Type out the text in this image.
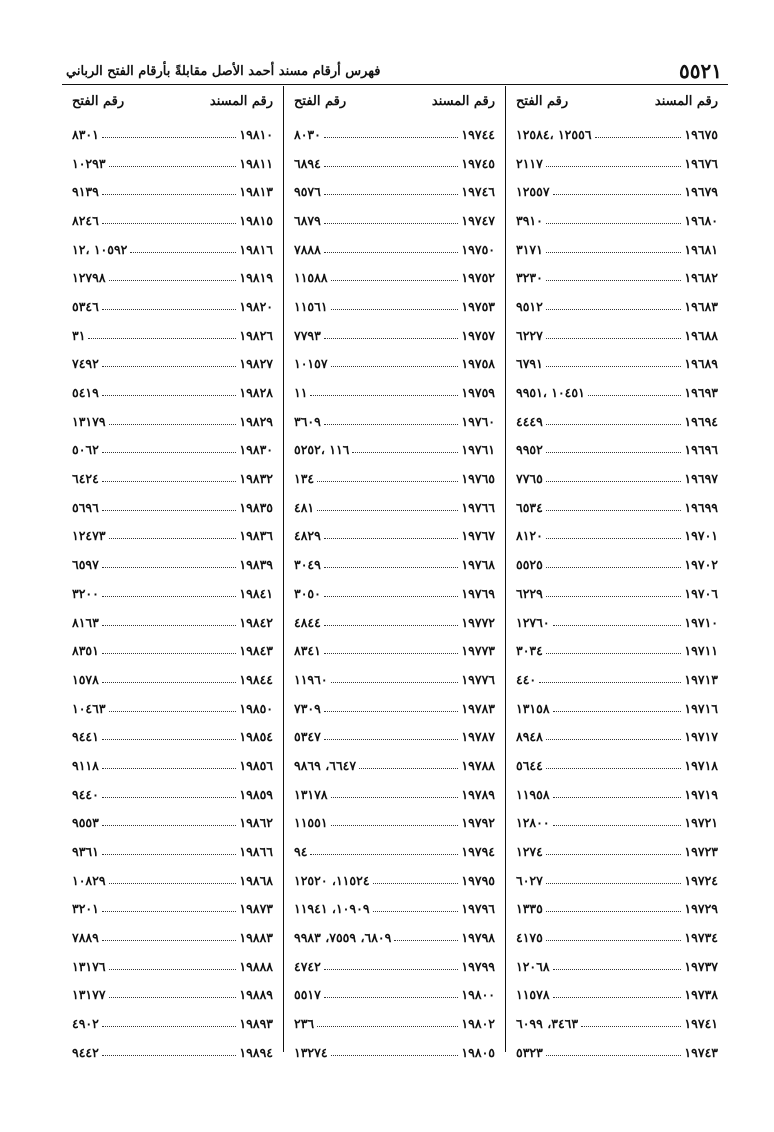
٥٥٢١
فهرس أرقام مسند أحمد الأصل مقابلةً بأرقام الفتح الرباني
رقم المسند
رقم الفتح
١٩٦٧٥
١٢٥٥٦ ،١٢٥٨٤
١٩٦٧٦
٢١١٧
١٩٦٧٩
١٢٥٥٧
١٩٦٨٠
٣٩١٠
١٩٦٨١
٣١٧١
١٩٦٨٢
٣٢٣٠
١٩٦٨٣
٩٥١٢
١٩٦٨٨
٦٢٢٧
١٩٦٨٩
٦٧٩١
١٩٦٩٣
١٠٤٥١ ،٩٩٥١
١٩٦٩٤
٤٤٤٩
١٩٦٩٦
٩٩٥٢
١٩٦٩٧
٧٧٦٥
١٩٦٩٩
٦٥٣٤
١٩٧٠١
٨١٢٠
١٩٧٠٢
٥٥٢٥
١٩٧٠٦
٦٢٢٩
١٩٧١٠
١٢٧٦٠
١٩٧١١
٣٠٣٤
١٩٧١٣
٤٤٠
١٩٧١٦
١٣١٥٨
١٩٧١٧
٨٩٤٨
١٩٧١٨
٥٦٤٤
١٩٧١٩
١١٩٥٨
١٩٧٢١
١٢٨٠٠
١٩٧٢٣
١٢٧٤
١٩٧٢٤
٦٠٢٧
١٩٧٢٩
١٣٣٥
١٩٧٣٤
٤١٧٥
١٩٧٣٧
١٢٠٦٨
١٩٧٣٨
١١٥٧٨
١٩٧٤١
٣٤٦٣، ٦٠٩٩
١٩٧٤٣
٥٣٢٣
رقم المسند
رقم الفتح
١٩٧٤٤
٨٠٣٠
١٩٧٤٥
٦٨٩٤
١٩٧٤٦
٩٥٧٦
١٩٧٤٧
٦٨٧٩
١٩٧٥٠
٧٨٨٨
١٩٧٥٢
١١٥٨٨
١٩٧٥٣
١١٥٦١
١٩٧٥٧
٧٧٩٣
١٩٧٥٨
١٠١٥٧
١٩٧٥٩
١١
١٩٧٦٠
٣٦٠٩
١٩٧٦١
١١٦ ،٥٢٥٢
١٩٧٦٥
١٣٤
١٩٧٦٦
٤٨١
١٩٧٦٧
٤٨٢٩
١٩٧٦٨
٣٠٤٩
١٩٧٦٩
٣٠٥٠
١٩٧٧٢
٤٨٤٤
١٩٧٧٣
٨٣٤١
١٩٧٧٦
١١٩٦٠
١٩٧٨٣
٧٣٠٩
١٩٧٨٧
٥٣٤٧
١٩٧٨٨
٦٦٤٧، ٩٨٦٩
١٩٧٨٩
١٣١٧٨
١٩٧٩٢
١١٥٥١
١٩٧٩٤
٩٤
١٩٧٩٥
١١٥٢٤، ١٢٥٢٠
١٩٧٩٦
١٠٩٠٩، ١١٩٤١
١٩٧٩٨
٦٨٠٩، ٧٥٥٩، ٩٩٨٣
١٩٧٩٩
٤٧٤٢
١٩٨٠٠
٥٥١٧
١٩٨٠٢
٢٣٦
١٩٨٠٥
١٣٢٧٤
رقم المسند
رقم الفتح
١٩٨١٠
٨٣٠١
١٩٨١١
١٠٢٩٣
١٩٨١٣
٩١٣٩
١٩٨١٥
٨٢٤٦
١٩٨١٦
١٠٥٩٢ ،١٢
١٩٨١٩
١٢٧٩٨
١٩٨٢٠
٥٣٤٦
١٩٨٢٦
٣١
١٩٨٢٧
٧٤٩٢
١٩٨٢٨
٥٤١٩
١٩٨٢٩
١٣١٧٩
١٩٨٣٠
٥٠٦٢
١٩٨٣٢
٦٤٢٤
١٩٨٣٥
٥٦٩٦
١٩٨٣٦
١٢٤٧٣
١٩٨٣٩
٦٥٩٧
١٩٨٤١
٣٢٠٠
١٩٨٤٢
٨١٦٣
١٩٨٤٣
٨٣٥١
١٩٨٤٤
١٥٧٨
١٩٨٥٠
١٠٤٦٣
١٩٨٥٤
٩٤٤١
١٩٨٥٦
٩١١٨
١٩٨٥٩
٩٤٤٠
١٩٨٦٢
٩٥٥٣
١٩٨٦٦
٩٣٦١
١٩٨٦٨
١٠٨٢٩
١٩٨٧٣
٣٢٠١
١٩٨٨٣
٧٨٨٩
١٩٨٨٨
١٣١٧٦
١٩٨٨٩
١٣١٧٧
١٩٨٩٣
٤٩٠٢
١٩٨٩٤
٩٤٤٢
